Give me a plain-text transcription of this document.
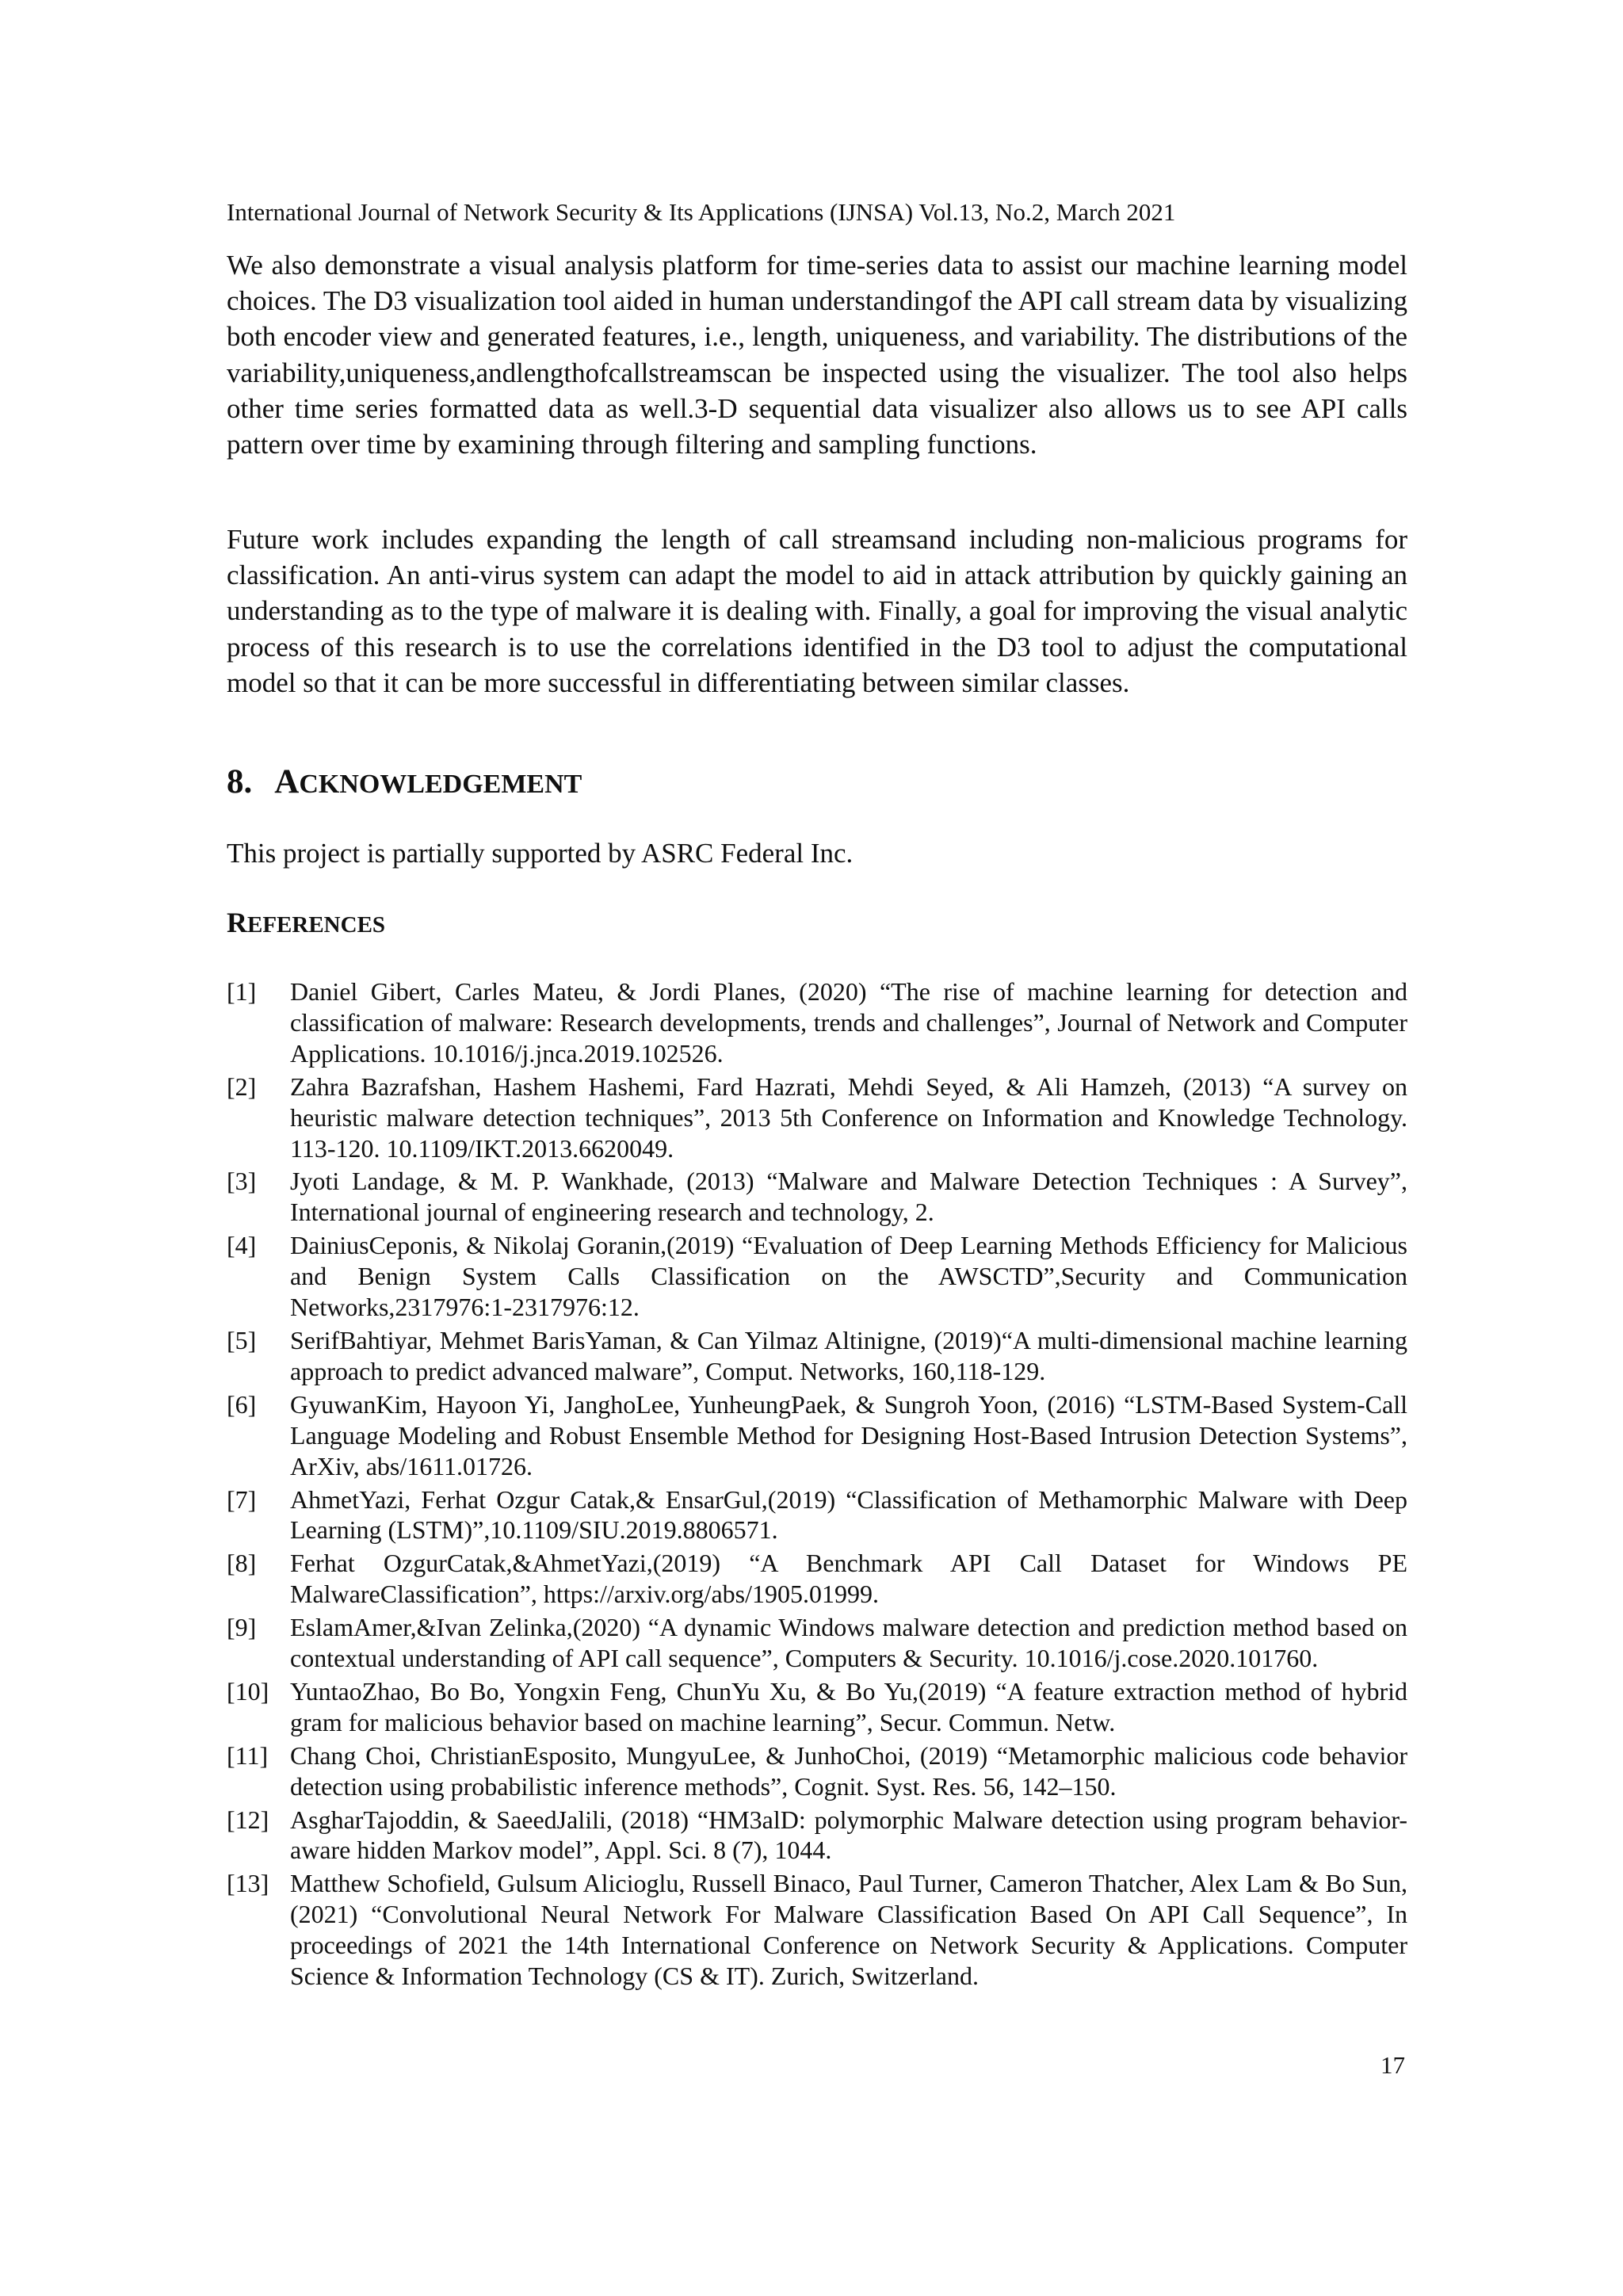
International Journal of Network Security & Its Applications (IJNSA) Vol.13, No.2, March 2021

We also demonstrate a visual analysis platform for time-series data to assist our machine learning model choices. The D3 visualization tool aided in human understandingof the API call stream data by visualizing both encoder view and generated features, i.e., length, uniqueness, and variability. The distributions of the variability,uniqueness,andlengthofcallstreamscan be inspected using the visualizer. The tool also helps other time series formatted data as well.3-D sequential data visualizer also allows us to see API calls pattern over time by examining through filtering and sampling functions.

Future work includes expanding the length of call streamsand including non-malicious programs for classification. An anti-virus system can adapt the model to aid in attack attribution by quickly gaining an understanding as to the type of malware it is dealing with. Finally, a goal for improving the visual analytic process of this research is to use the correlations identified in the D3 tool to adjust the computational model so that it can be more successful in differentiating between similar classes.

8. ACKNOWLEDGEMENT

This project is partially supported by ASRC Federal Inc.

REFERENCES
[1] Daniel Gibert, Carles Mateu, & Jordi Planes, (2020) “The rise of machine learning for detection and classification of malware: Research developments, trends and challenges”, Journal of Network and Computer Applications. 10.1016/j.jnca.2019.102526.
[2] Zahra Bazrafshan, Hashem Hashemi, Fard Hazrati, Mehdi Seyed, & Ali Hamzeh, (2013) “A survey on heuristic malware detection techniques”, 2013 5th Conference on Information and Knowledge Technology. 113-120. 10.1109/IKT.2013.6620049.
[3] Jyoti Landage, & M. P. Wankhade, (2013) “Malware and Malware Detection Techniques : A Survey”, International journal of engineering research and technology, 2.
[4] DainiusCeponis, & Nikolaj Goranin,(2019) “Evaluation of Deep Learning Methods Efficiency for Malicious and Benign System Calls Classification on the AWSCTD”,Security and Communication Networks,2317976:1-2317976:12.
[5] SerifBahtiyar, Mehmet BarisYaman, & Can Yilmaz Altinigne, (2019)“A multi-dimensional machine learning approach to predict advanced malware”, Comput. Networks, 160,118-129.
[6] GyuwanKim, Hayoon Yi, JanghoLee, YunheungPaek, & Sungroh Yoon, (2016) “LSTM-Based System-Call Language Modeling and Robust Ensemble Method for Designing Host-Based Intrusion Detection Systems”, ArXiv, abs/1611.01726.
[7] AhmetYazi, Ferhat Ozgur Catak,& EnsarGul,(2019) “Classification of Methamorphic Malware with Deep Learning (LSTM)”,10.1109/SIU.2019.8806571.
[8] Ferhat OzgurCatak,&AhmetYazi,(2019) “A Benchmark API Call Dataset for Windows PE MalwareClassification”, https://arxiv.org/abs/1905.01999.
[9] EslamAmer,&Ivan Zelinka,(2020) “A dynamic Windows malware detection and prediction method based on contextual understanding of API call sequence”, Computers & Security. 10.1016/j.cose.2020.101760.
[10] YuntaoZhao, Bo Bo, Yongxin Feng, ChunYu Xu, & Bo Yu,(2019) “A feature extraction method of hybrid gram for malicious behavior based on machine learning”, Secur. Commun. Netw.
[11] Chang Choi, ChristianEsposito, MungyuLee, & JunhoChoi, (2019) “Metamorphic malicious code behavior detection using probabilistic inference methods”, Cognit. Syst. Res. 56, 142–150.
[12] AsgharTajoddin, & SaeedJalili, (2018) “HM3alD: polymorphic Malware detection using program behavior-aware hidden Markov model”, Appl. Sci. 8 (7), 1044.
[13] Matthew Schofield, Gulsum Alicioglu, Russell Binaco, Paul Turner, Cameron Thatcher, Alex Lam & Bo Sun, (2021) “Convolutional Neural Network For Malware Classification Based On API Call Sequence”, In proceedings of 2021 the 14th International Conference on Network Security & Applications. Computer Science & Information Technology (CS & IT). Zurich, Switzerland.
17
